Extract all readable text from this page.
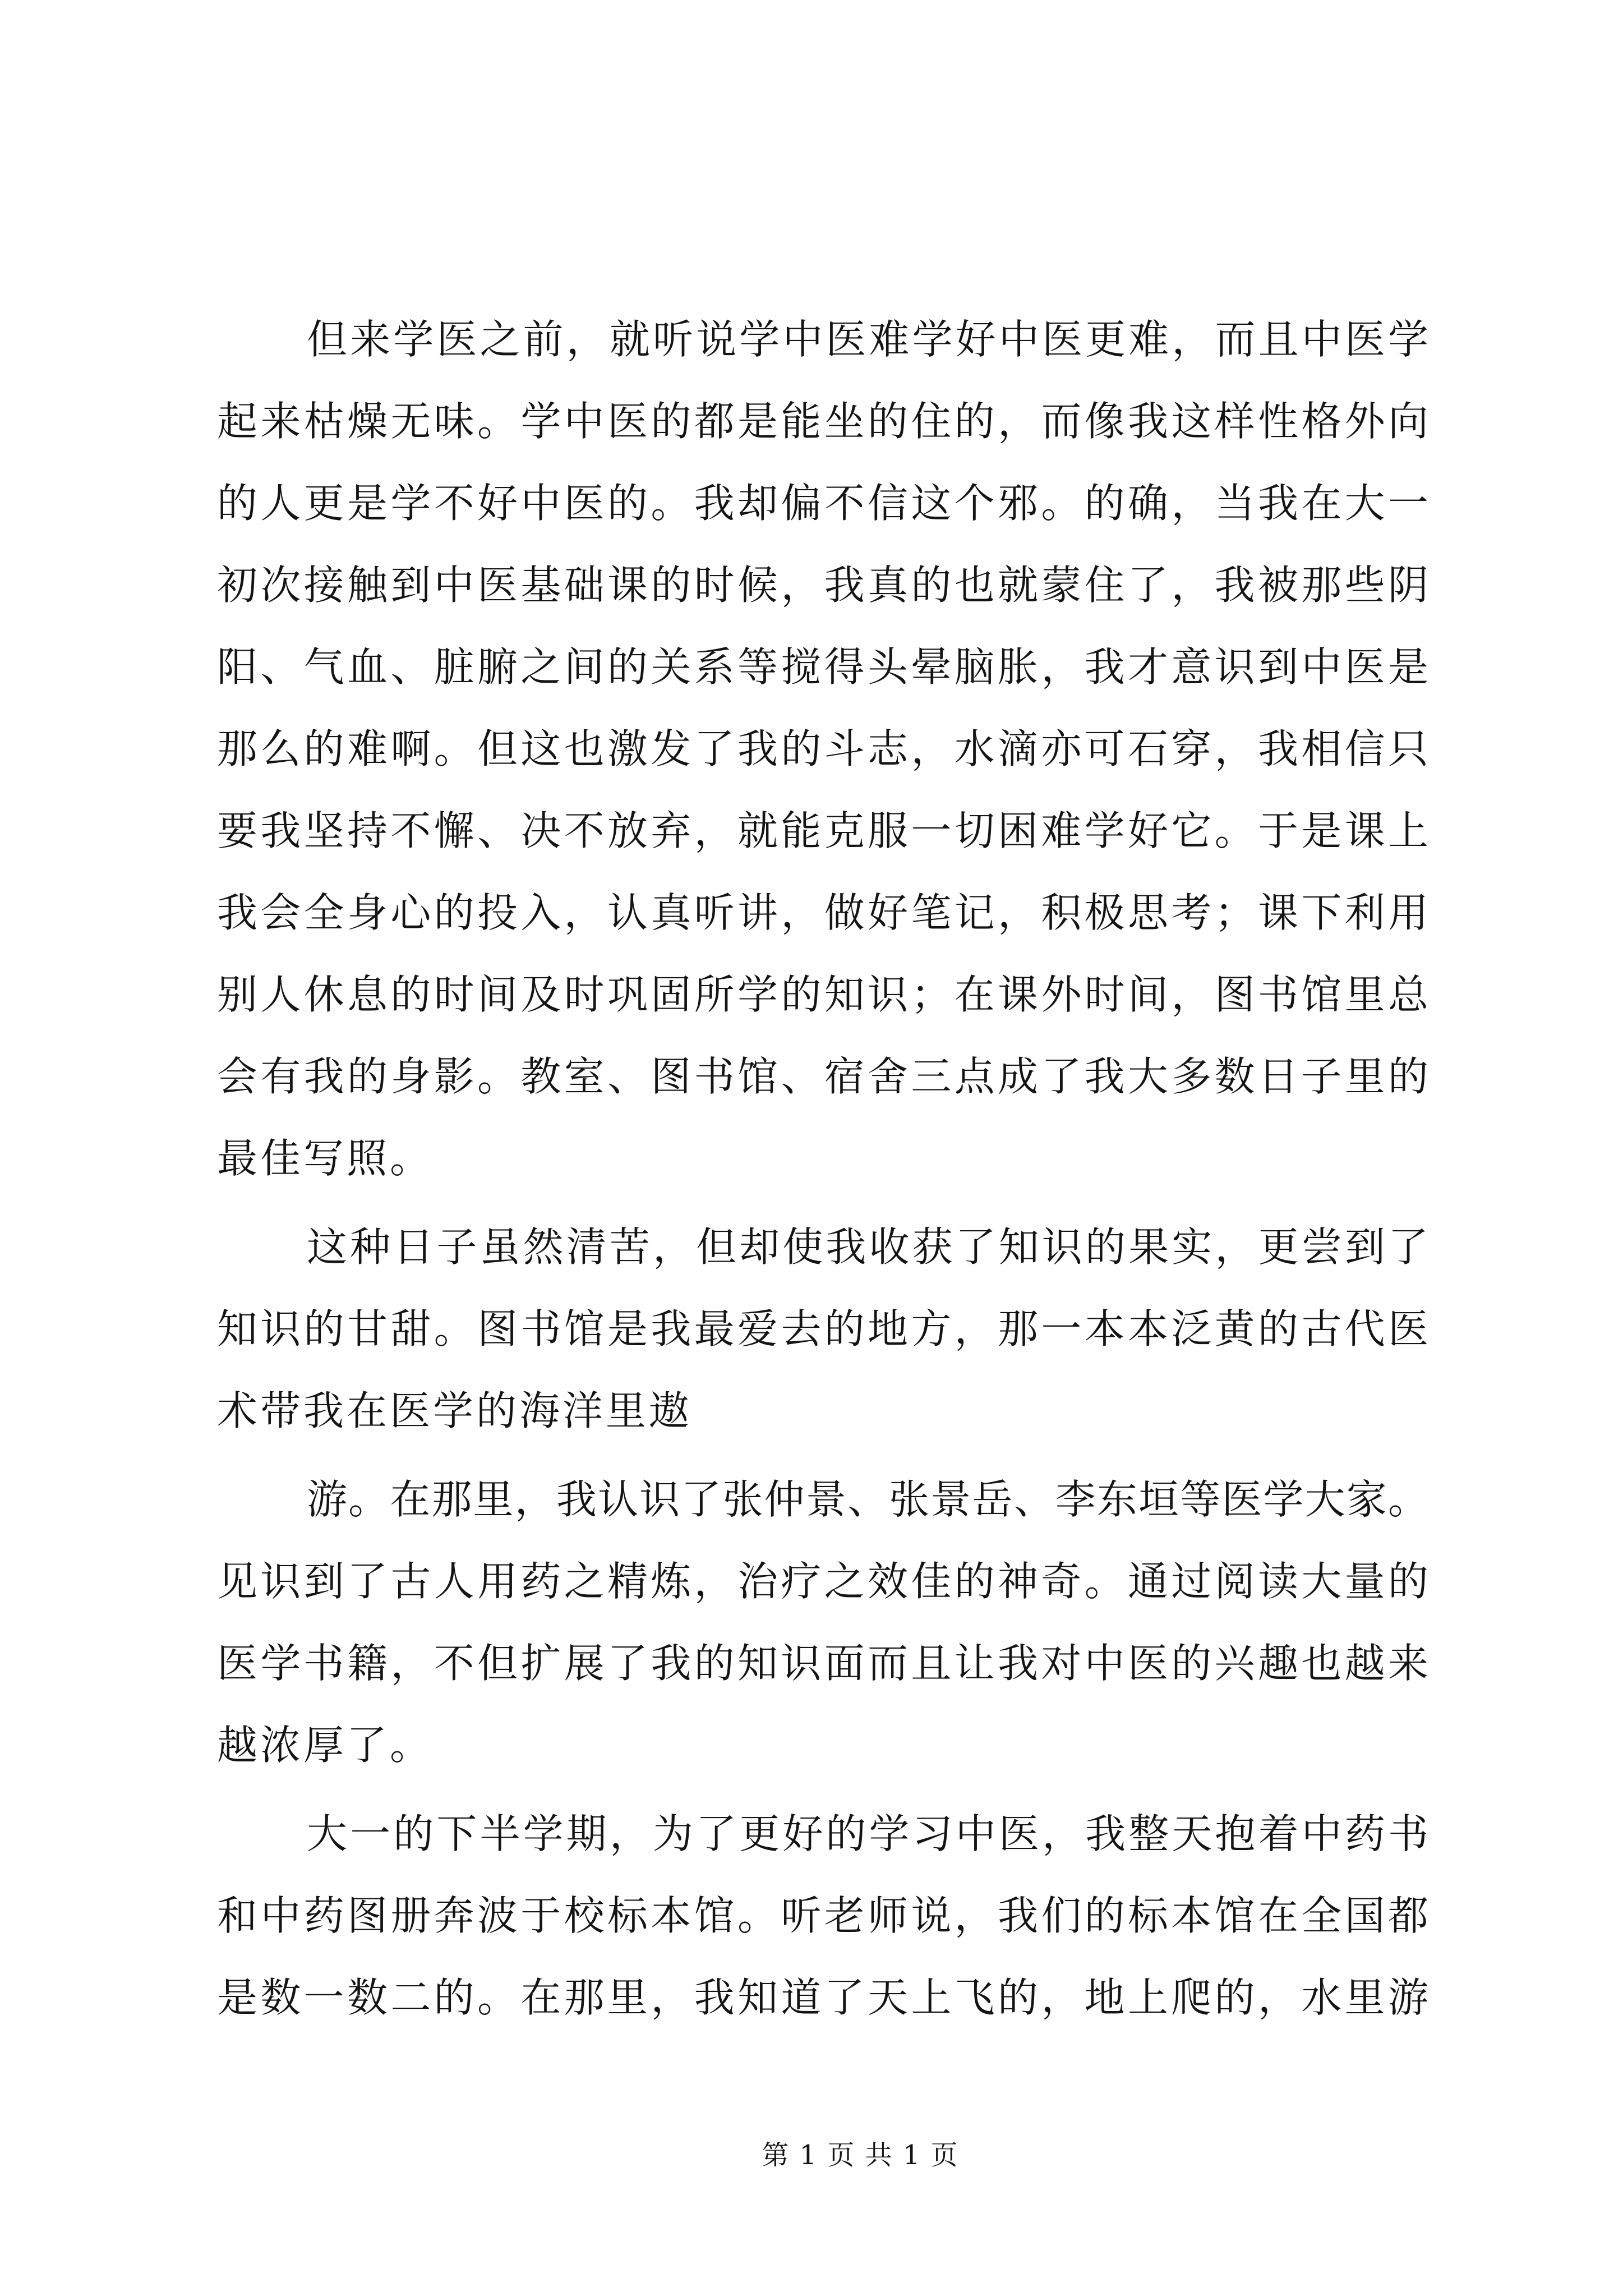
但来学医之前，就听说学中医难学好中医更难，而且中医学
起来枯燥无味。学中医的都是能坐的住的，而像我这样性格外向
的人更是学不好中医的。我却偏不信这个邪。的确，当我在大一
初次接触到中医基础课的时候，我真的也就蒙住了，我被那些阴
阳、气血、脏腑之间的关系等搅得头晕脑胀，我才意识到中医是
那么的难啊。但这也激发了我的斗志，水滴亦可石穿，我相信只
要我坚持不懈、决不放弃，就能克服一切困难学好它。于是课上
我会全身心的投入，认真听讲，做好笔记，积极思考；课下利用
别人休息的时间及时巩固所学的知识；在课外时间，图书馆里总
会有我的身影。教室、图书馆、宿舍三点成了我大多数日子里的
最佳写照。
这种日子虽然清苦，但却使我收获了知识的果实，更尝到了
知识的甘甜。图书馆是我最爱去的地方，那一本本泛黄的古代医
术带我在医学的海洋里遨
游。在那里，我认识了张仲景、张景岳、李东垣等医学大家。
见识到了古人用药之精炼，治疗之效佳的神奇。通过阅读大量的
医学书籍，不但扩展了我的知识面而且让我对中医的兴趣也越来
越浓厚了。
大一的下半学期，为了更好的学习中医，我整天抱着中药书
和中药图册奔波于校标本馆。听老师说，我们的标本馆在全国都
是数一数二的。在那里，我知道了天上飞的，地上爬的，水里游
第 1 页 共 1 页
